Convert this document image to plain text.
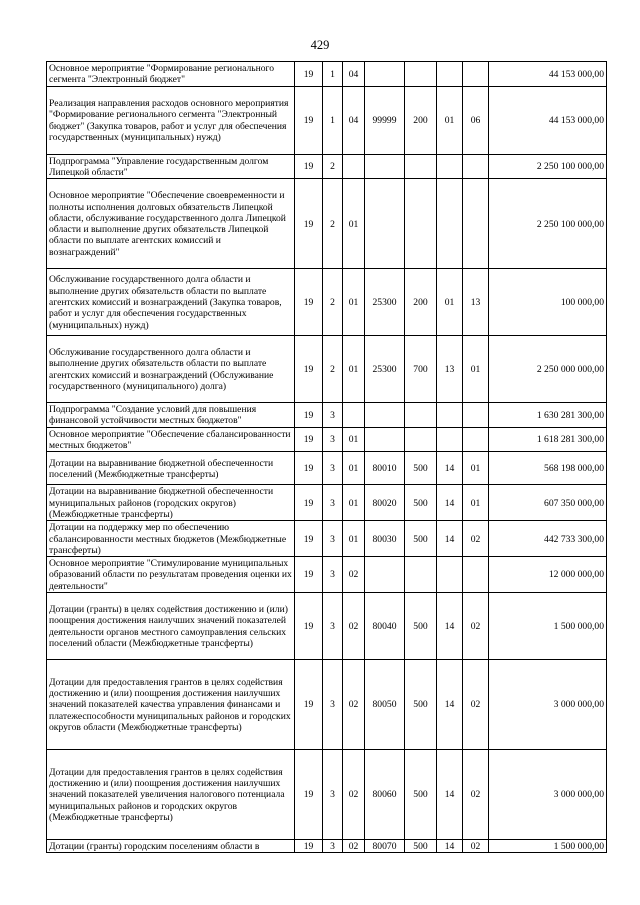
429
Основное мероприятие "Формирование регионального сегмента "Электронный бюджет"	19	1	04					44 153 000,00
Реализация направления расходов основного мероприятия "Формирование регионального сегмента "Электронный бюджет" (Закупка товаров, работ и услуг для обеспечения государственных (муниципальных) нужд)	19	1	04	99999	200	01	06	44 153 000,00
Подпрограмма "Управление государственным долгом Липецкой области"	19	2						2 250 100 000,00
Основное мероприятие "Обеспечение своевременности и полноты исполнения долговых обязательств Липецкой области, обслуживание государственного долга Липецкой области и выполнение других обязательств Липецкой области по выплате агентских комиссий и вознаграждений"	19	2	01					2 250 100 000,00
Обслуживание государственного долга области и выполнение других обязательств области по выплате агентских комиссий и вознаграждений (Закупка товаров, работ и услуг для обеспечения государственных (муниципальных) нужд)	19	2	01	25300	200	01	13	100 000,00
Обслуживание государственного долга области и выполнение других обязательств области по выплате агентских комиссий и вознаграждений (Обслуживание государственного (муниципального) долга)	19	2	01	25300	700	13	01	2 250 000 000,00
Подпрограмма "Создание условий для повышения финансовой устойчивости местных бюджетов"	19	3						1 630 281 300,00
Основное мероприятие "Обеспечение сбалансированности местных бюджетов"	19	3	01					1 618 281 300,00
Дотации на выравнивание бюджетной обеспеченности поселений (Межбюджетные трансферты)	19	3	01	80010	500	14	01	568 198 000,00
Дотации на выравнивание бюджетной обеспеченности муниципальных районов (городских округов) (Межбюджетные трансферты)	19	3	01	80020	500	14	01	607 350 000,00
Дотации на поддержку мер по обеспечению сбалансированности местных бюджетов (Межбюджетные трансферты)	19	3	01	80030	500	14	02	442 733 300,00
Основное мероприятие "Стимулирование муниципальных образований области по результатам проведения оценки их деятельности"	19	3	02					12 000 000,00
Дотации (гранты) в целях содействия достижению и (или) поощрения достижения наилучших значений показателей деятельности органов местного самоуправления сельских поселений области (Межбюджетные трансферты)	19	3	02	80040	500	14	02	1 500 000,00
Дотации для предоставления грантов в целях содействия достижению и (или) поощрения достижения наилучших значений показателей качества управления финансами и платежеспособности муниципальных районов и городских округов области (Межбюджетные трансферты)	19	3	02	80050	500	14	02	3 000 000,00
Дотации для предоставления грантов в целях содействия достижению и (или) поощрения достижения наилучших значений показателей увеличения налогового потенциала муниципальных районов и городских округов (Межбюджетные трансферты)	19	3	02	80060	500	14	02	3 000 000,00
Дотации (гранты) городским поселениям области в	19	3	02	80070	500	14	02	1 500 000,00
